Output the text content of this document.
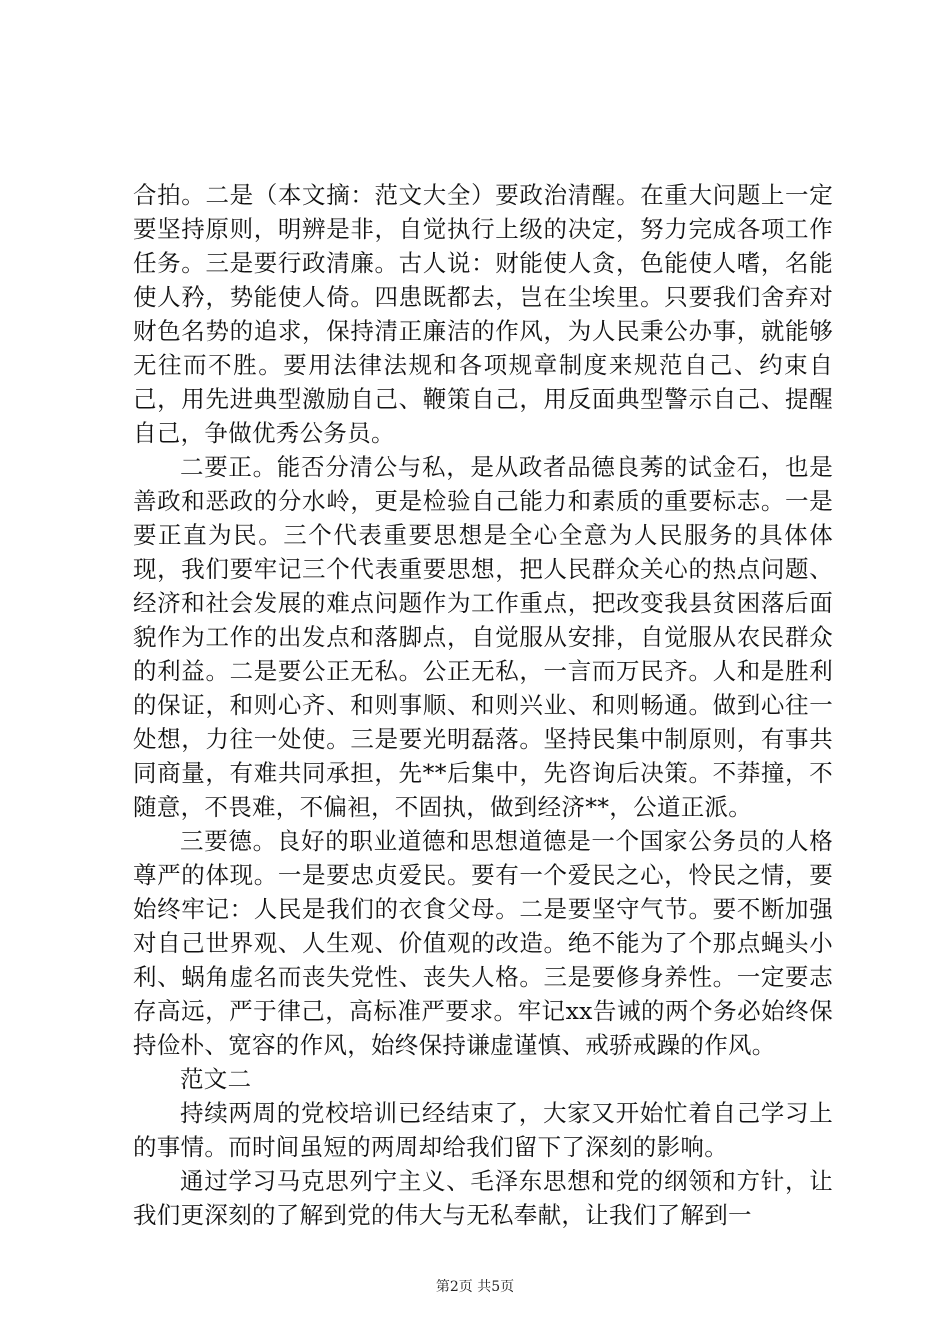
合拍。二是（本文摘：范文大全）要政治清醒。在重大问题上一定要坚持原则，明辨是非，自觉执行上级的决定，努力完成各项工作任务。三是要行政清廉。古人说：财能使人贪，色能使人嗜，名能使人矜，势能使人倚。四患既都去，岂在尘埃里。只要我们舍弃对财色名势的追求，保持清正廉洁的作风，为人民秉公办事，就能够无往而不胜。要用法律法规和各项规章制度来规范自己、约束自己，用先进典型激励自己、鞭策自己，用反面典型警示自己、提醒自己，争做优秀公务员。

二要正。能否分清公与私，是从政者品德良莠的试金石，也是善政和恶政的分水岭，更是检验自己能力和素质的重要标志。一是要正直为民。三个代表重要思想是全心全意为人民服务的具体体现，我们要牢记三个代表重要思想，把人民群众关心的热点问题、经济和社会发展的难点问题作为工作重点，把改变我县贫困落后面貌作为工作的出发点和落脚点，自觉服从安排，自觉服从农民群众的利益。二是要公正无私。公正无私，一言而万民齐。人和是胜利的保证，和则心齐、和则事顺、和则兴业、和则畅通。做到心往一处想，力往一处使。三是要光明磊落。坚持民集中制原则，有事共同商量，有难共同承担，先**后集中，先咨询后决策。不莽撞，不随意，不畏难，不偏袒，不固执，做到经济**，公道正派。

三要德。良好的职业道德和思想道德是一个国家公务员的人格尊严的体现。一是要忠贞爱民。要有一个爱民之心，怜民之情，要始终牢记：人民是我们的衣食父母。二是要坚守气节。要不断加强对自己世界观、人生观、价值观的改造。绝不能为了个那点蝇头小利、蜗角虚名而丧失党性、丧失人格。三是要修身养性。一定要志存高远，严于律己，高标准严要求。牢记xx告诫的两个务必始终保持俭朴、宽容的作风，始终保持谦虚谨慎、戒骄戒躁的作风。

范文二

持续两周的党校培训已经结束了，大家又开始忙着自己学习上的事情。而时间虽短的两周却给我们留下了深刻的影响。

通过学习马克思列宁主义、毛泽东思想和党的纲领和方针，让我们更深刻的了解到党的伟大与无私奉献，让我们了解到一

第2页 共5页
